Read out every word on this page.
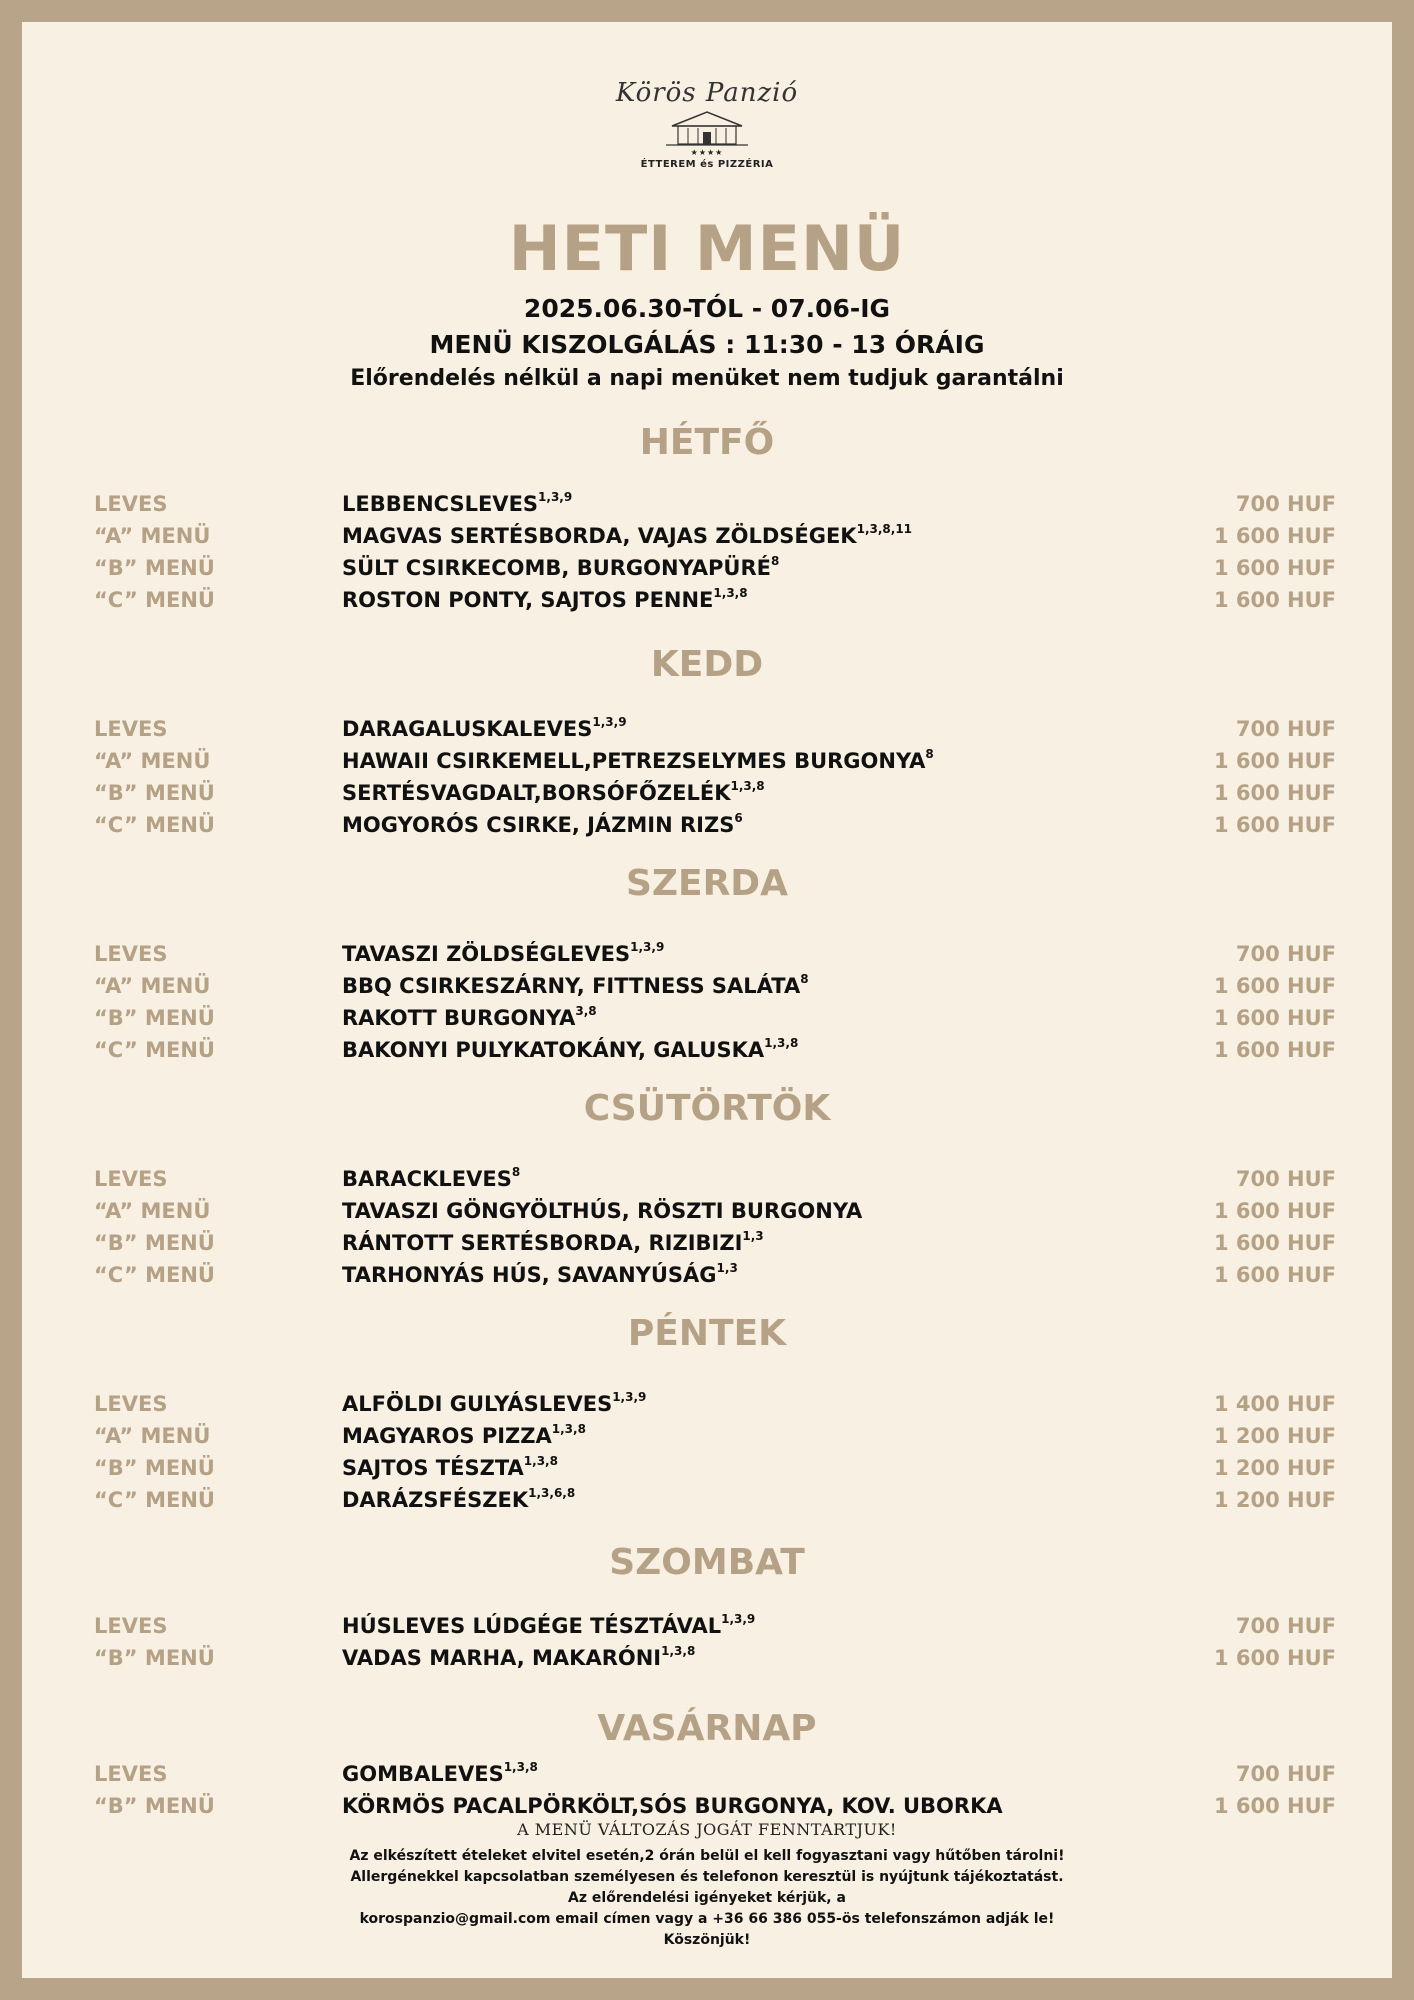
Körös Panzió
★★★★
ÉTTEREM és PIZZÉRIA
HETI MENÜ
2025.06.30-TÓL - 07.06-IG
MENÜ KISZOLGÁLÁS : 11:30 - 13 ÓRÁIG
Előrendelés nélkül a napi menüket nem tudjuk garantálni
HÉTFŐ
LEVES	LEBBENCSLEVES$^{1,3,9}$	700 HUF
“A” MENÜ	MAGVAS SERTÉSBORDA, VAJAS ZÖLDSÉGEK$^{1,3,8,11}$	1 600 HUF
“B” MENÜ	SÜLT CSIRKECOMB, BURGONYAPÜRÉ$^8$	1 600 HUF
“C” MENÜ	ROSTON PONTY, SAJTOS PENNE$^{1,3,8}$	1 600 HUF
KEDD
LEVES	DARAGALUSKALEVES$^{1,3,9}$	700 HUF
“A” MENÜ	HAWAII CSIRKEMELL,PETREZSELYMES BURGONYA$^8$	1 600 HUF
“B” MENÜ	SERTÉSVAGDALT,BORSÓFŐZELÉK$^{1,3,8}$	1 600 HUF
“C” MENÜ	MOGYORÓS CSIRKE, JÁZMIN RIZS$^6$	1 600 HUF
SZERDA
LEVES	TAVASZI ZÖLDSÉGLEVES$^{1,3,9}$	700 HUF
“A” MENÜ	BBQ CSIRKESZÁRNY, FITTNESS SALÁTA$^8$	1 600 HUF
“B” MENÜ	RAKOTT BURGONYA$^{3,8}$	1 600 HUF
“C” MENÜ	BAKONYI PULYKATOKÁNY, GALUSKA$^{1,3,8}$	1 600 HUF
CSÜTÖRTÖK
LEVES	BARACKLEVES$^8$	700 HUF
“A” MENÜ	TAVASZI GÖNGYÖLTHÚS, RÖSZTI BURGONYA	1 600 HUF
“B” MENÜ	RÁNTOTT SERTÉSBORDA, RIZIBIZI$^{1,3}$	1 600 HUF
“C” MENÜ	TARHONYÁS HÚS, SAVANYÚSÁG$^{1,3}$	1 600 HUF
PÉNTEK
LEVES	ALFÖLDI GULYÁSLEVES$^{1,3,9}$	1 400 HUF
“A” MENÜ	MAGYAROS PIZZA$^{1,3,8}$	1 200 HUF
“B” MENÜ	SAJTOS TÉSZTA$^{1,3,8}$	1 200 HUF
“C” MENÜ	DARÁZSFÉSZEK$^{1,3,6,8}$	1 200 HUF
SZOMBAT
LEVES	HÚSLEVES LÚDGÉGE TÉSZTÁVAL$^{1,3,9}$	700 HUF
“B” MENÜ	VADAS MARHA, MAKARÓNI$^{1,3,8}$	1 600 HUF
VASÁRNAP
LEVES	GOMBALEVES$^{1,3,8}$	700 HUF
“B” MENÜ	KÖRMÖS PACALPÖRKÖLT,SÓS BURGONYA, KOV. UBORKA	1 600 HUF
A MENÜ VÁLTOZÁS JOGÁT FENNTARTJUK!
Az elkészített ételeket elvitel esetén,2 órán belül el kell fogyasztani vagy hűtőben tárolni!
Allergénekkel kapcsolatban személyesen és telefonon keresztül is nyújtunk tájékoztatást.
Az előrendelési igényeket kérjük, a
korospanzio@gmail.com email címen vagy a +36 66 386 055-ös telefonszámon adják le!
Köszönjük!
